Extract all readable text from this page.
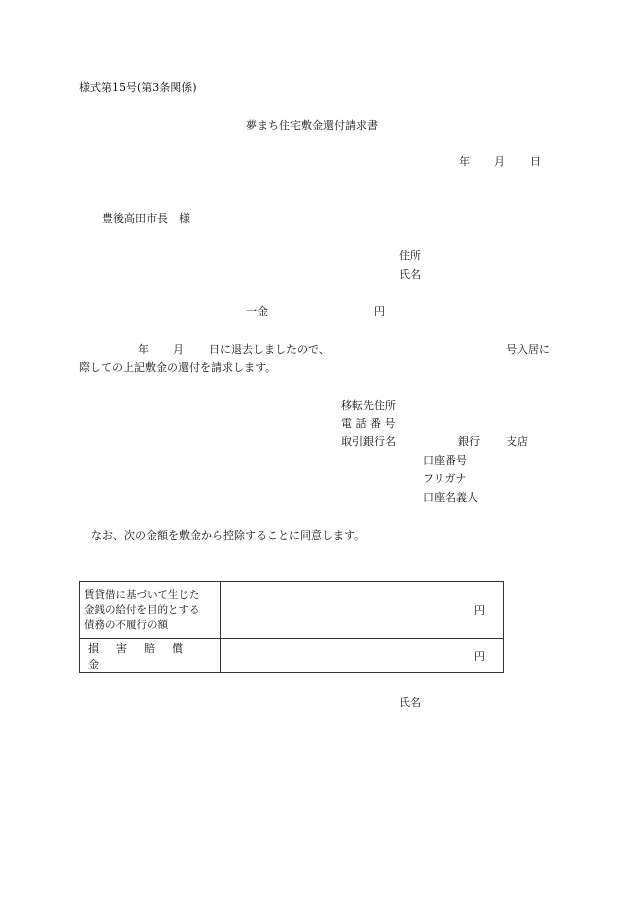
様式第15号(第3条関係)
夢まち住宅敷金還付請求書
年 月 日
豊後高田市長　様
住所
氏名
一金	円
年 月 日に退去しましたので、	号入居に
際しての上記敷金の還付を請求します。
移転先住所
電 話 番 号
取引銀行名	銀行 支店
口座番号
フリガナ
口座名義人
なお、次の金額を敷金から控除することに同意します。
賃貸借に基づいて生じた金銭の給付を目的とする債務の不履行の額	円

損害賠償金	円
氏名
